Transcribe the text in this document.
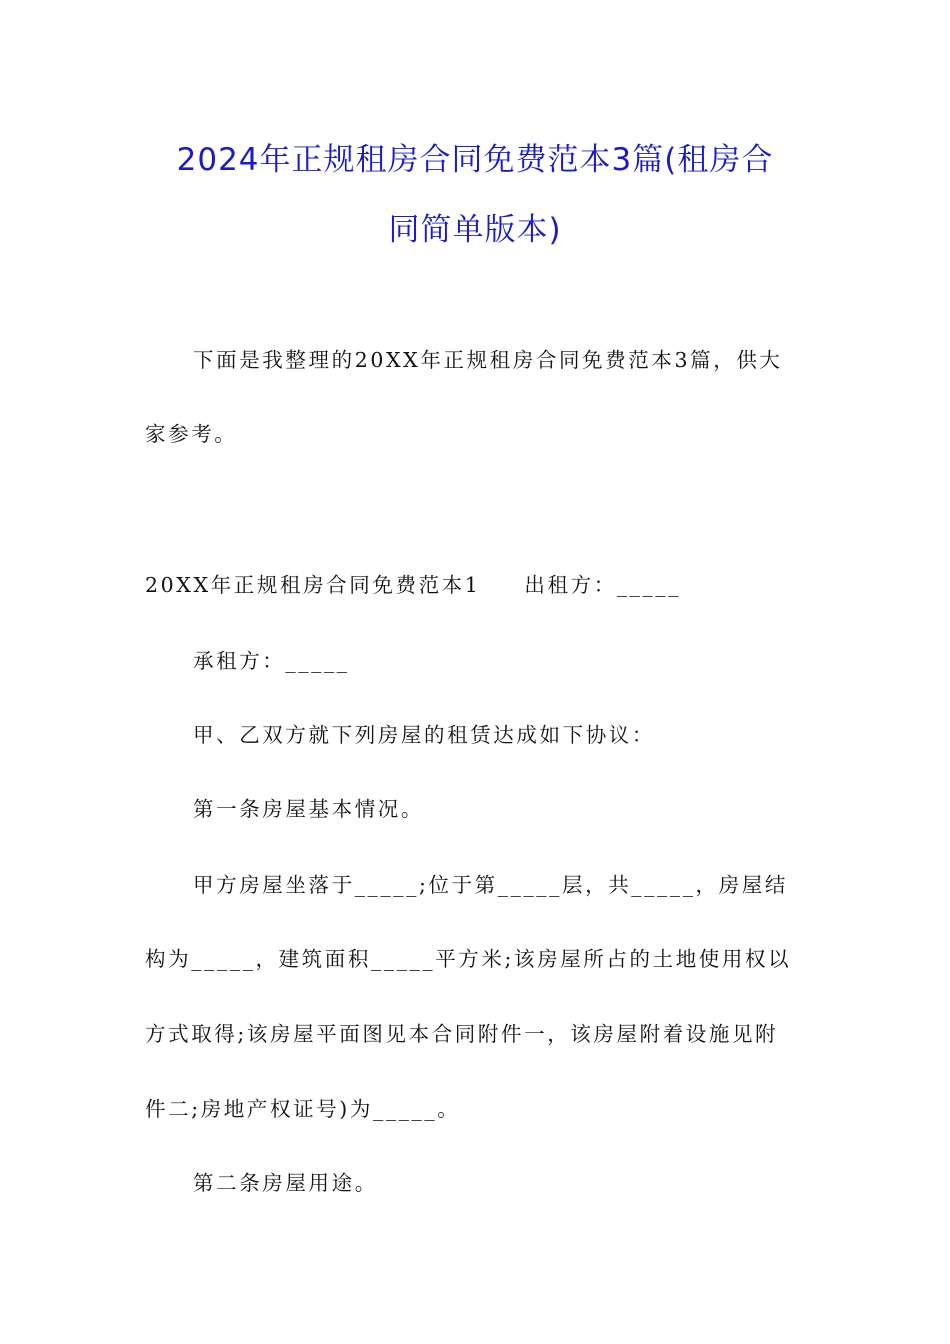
2024年正规租房合同免费范本3篇(租房合
同简单版本)
下面是我整理的20XX年正规租房合同免费范本3篇，供大
家参考。
20XX年正规租房合同免费范本1 出租方：_____
承租方：_____
甲、乙双方就下列房屋的租赁达成如下协议：
第一条房屋基本情况。
甲方房屋坐落于_____;位于第_____层，共_____，房屋结
构为_____，建筑面积_____平方米;该房屋所占的土地使用权以
方式取得;该房屋平面图见本合同附件一，该房屋附着设施见附
件二;房地产权证号)为_____。
第二条房屋用途。
